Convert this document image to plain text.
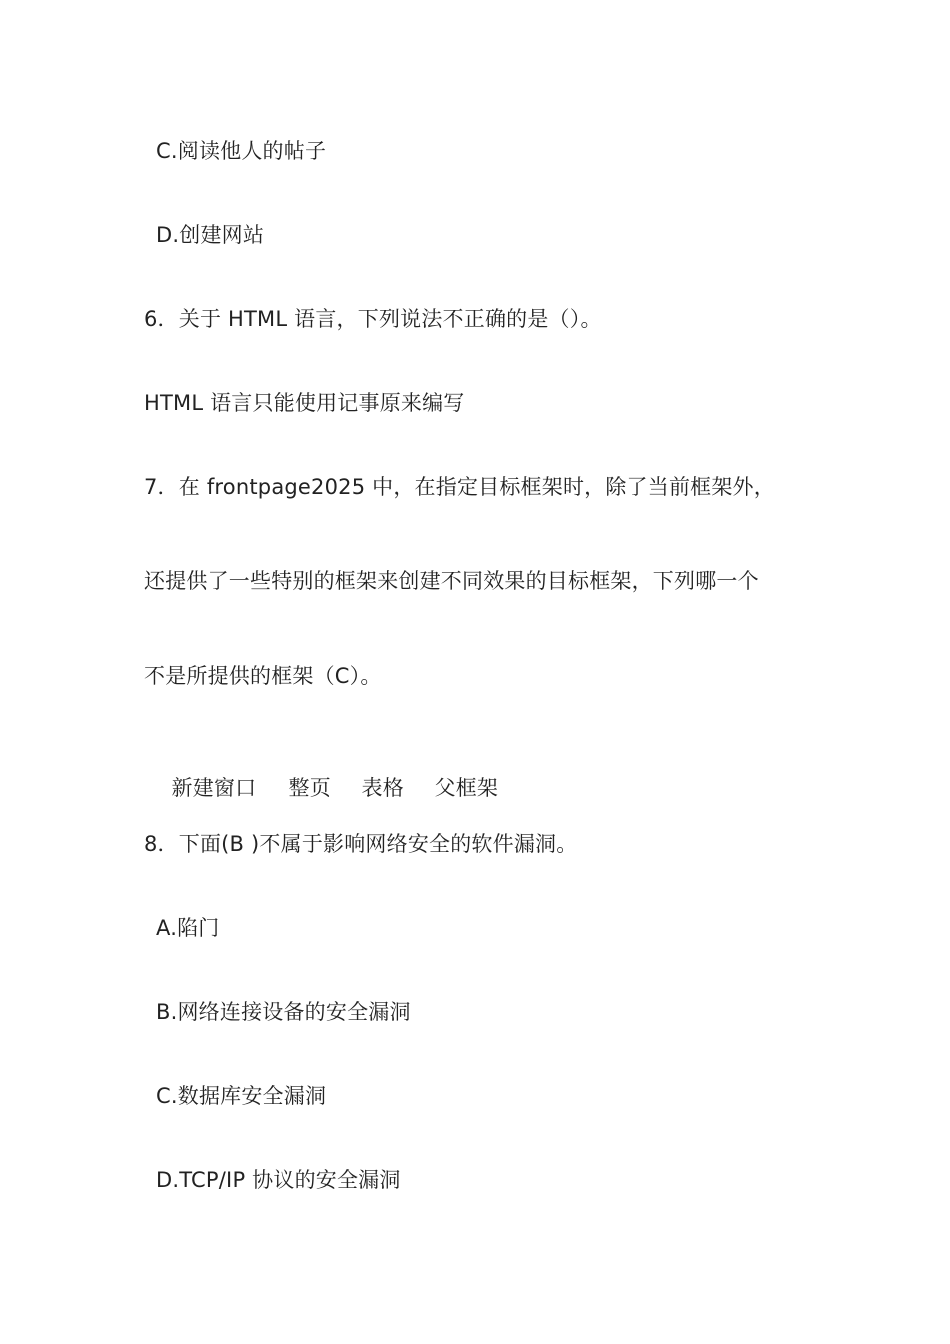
C.阅读他人的帖子
D.创建网站
6．关于 HTML 语言，下列说法不正确的是（）。
HTML 语言只能使用记事原来编写
7．在 frontpage2025 中，在指定目标框架时，除了当前框架外，
还提供了一些特别的框架来创建不同效果的目标框架，下列哪一个
不是所提供的框架（C）。

新建窗口 整页 表格 父框架

8．下面(B )不属于影响网络安全的软件漏洞。
A.陷门
B.网络连接设备的安全漏洞
C.数据库安全漏洞
D.TCP/IP 协议的安全漏洞
